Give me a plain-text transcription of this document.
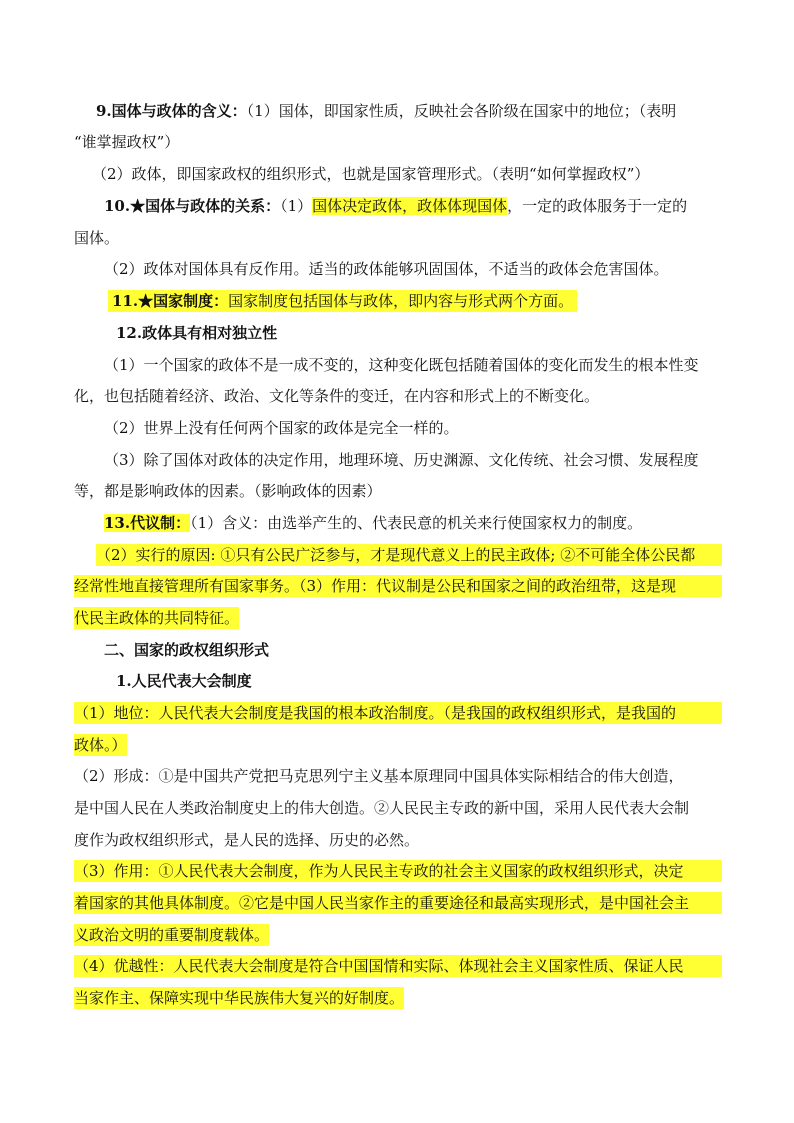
9.国体与政体的含义：（1）国体，即国家性质，反映社会各阶级在国家中的地位；（表明
“谁掌握政权”）
（2）政体，即国家政权的组织形式，也就是国家管理形式。（表明“如何掌握政权”）
10.★国体与政体的关系：（1）国体决定政体，政体体现国体，一定的政体服务于一定的
国体。
（2）政体对国体具有反作用。适当的政体能够巩固国体，不适当的政体会危害国体。
11.★国家制度：国家制度包括国体与政体，即内容与形式两个方面。
12.政体具有相对独立性
（1）一个国家的政体不是一成不变的，这种变化既包括随着国体的变化而发生的根本性变
化，也包括随着经济、政治、文化等条件的变迁，在内容和形式上的不断变化。
（2）世界上没有任何两个国家的政体是完全一样的。
（3）除了国体对政体的决定作用，地理环境、历史渊源、文化传统、社会习惯、发展程度
等，都是影响政体的因素。（影响政体的因素）
13.代议制：（1）含义：由选举产生的、代表民意的机关来行使国家权力的制度。
（2）实行的原因: ①只有公民广泛参与，才是现代意义上的民主政体; ②不可能全体公民都
经常性地直接管理所有国家事务。（3）作用：代议制是公民和国家之间的政治纽带，这是现
代民主政体的共同特征。
二、国家的政权组织形式
1.人民代表大会制度
（1）地位：人民代表大会制度是我国的根本政治制度。（是我国的政权组织形式，是我国的
政体。）
（2）形成：①是中国共产党把马克思列宁主义基本原理同中国具体实际相结合的伟大创造，
是中国人民在人类政治制度史上的伟大创造。②人民民主专政的新中国，采用人民代表大会制
度作为政权组织形式，是人民的选择、历史的必然。
（3）作用：①人民代表大会制度，作为人民民主专政的社会主义国家的政权组织形式，决定
着国家的其他具体制度。②它是中国人民当家作主的重要途径和最高实现形式，是中国社会主
义政治文明的重要制度载体。
（4）优越性：人民代表大会制度是符合中国国情和实际、体现社会主义国家性质、保证人民
当家作主、保障实现中华民族伟大复兴的好制度。
